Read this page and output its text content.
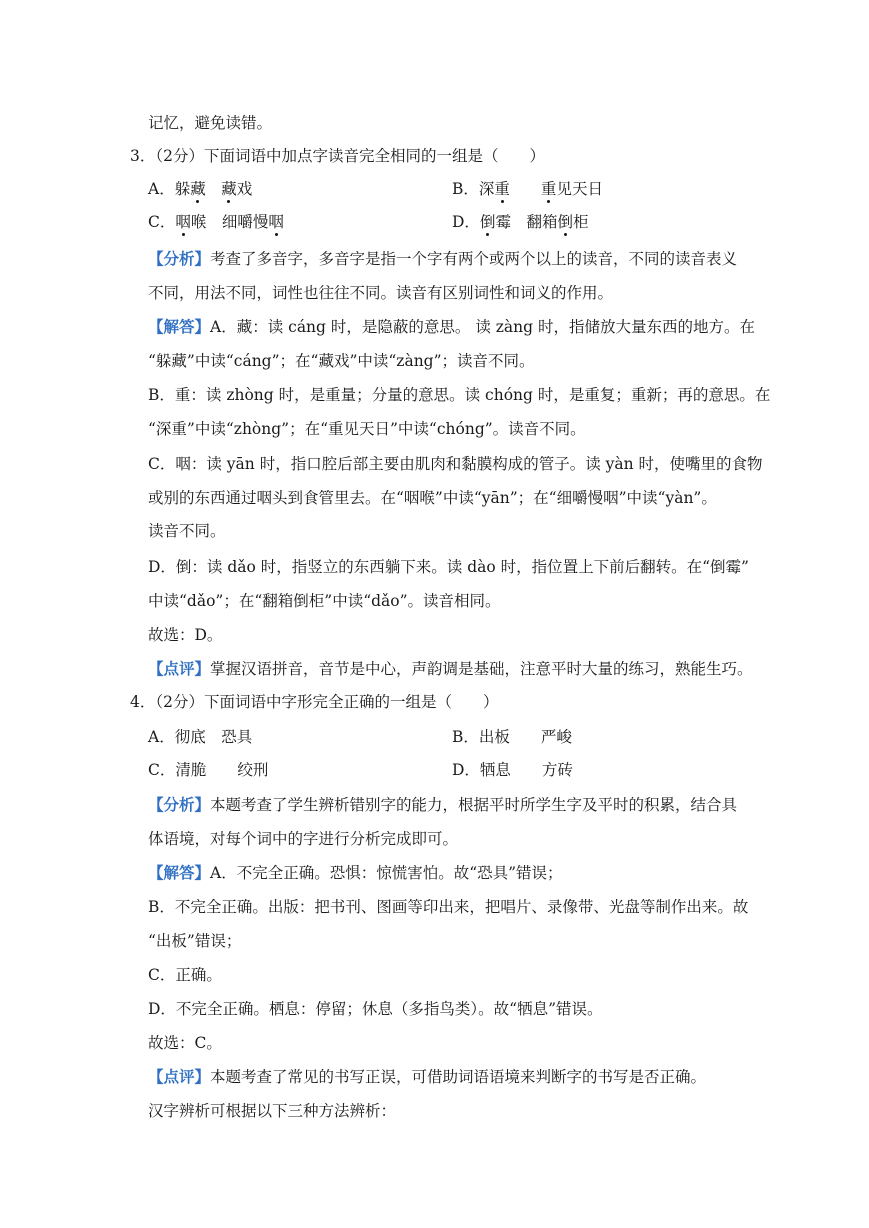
记忆，避免读错。
3．（2分）下面词语中加点字读音完全相同的一组是（　　）
A．躲藏　 藏戏	B．深重　　 重见天日
C．咽喉　细嚼慢咽	D．倒霉　翻箱倒柜
【分析】考查了多音字，多音字是指一个字有两个或两个以上的读音，不同的读音表义
不同，用法不同，词性也往往不同。读音有区别词性和词义的作用。
【解答】A．藏：读 cáng 时，是隐蔽的意思。 读 zàng 时，指储放大量东西的地方。在
“躲藏”中读“cáng”；在“藏戏”中读“zàng”；读音不同。
B．重：读 zhòng 时，是重量；分量的意思。读 chóng 时，是重复；重新；再的意思。在
“深重”中读“zhòng”；在“重见天日”中读“chóng”。读音不同。
C．咽：读 yān 时，指口腔后部主要由肌肉和黏膜构成的管子。读 yàn 时，使嘴里的食物
或别的东西通过咽头到食管里去。在“咽喉”中读“yān”；在“细嚼慢咽”中读“yàn”。
读音不同。
D．倒：读 dǎo 时，指竖立的东西躺下来。读 dào 时，指位置上下前后翻转。在“倒霉”
中读“dǎo”；在“翻箱倒柜”中读“dǎo”。读音相同。
故选：D。
【点评】掌握汉语拼音，音节是中心，声韵调是基础，注意平时大量的练习，熟能生巧。
4．（2分）下面词语中字形完全正确的一组是（　　）
A．彻底　恐具	B．出板　　严峻
C．清脆　　绞刑	D．牺息　　方砖
【分析】本题考查了学生辨析错别字的能力，根据平时所学生字及平时的积累，结合具
体语境，对每个词中的字进行分析完成即可。
【解答】A．不完全正确。恐惧：惊慌害怕。故“恐具”错误；
B．不完全正确。出版：把书刊、图画等印出来，把唱片、录像带、光盘等制作出来。故
“出板”错误；
C．正确。
D．不完全正确。栖息：停留；休息（多指鸟类）。故“牺息”错误。
故选：C。
【点评】本题考查了常见的书写正误，可借助词语语境来判断字的书写是否正确。
汉字辨析可根据以下三种方法辨析：
